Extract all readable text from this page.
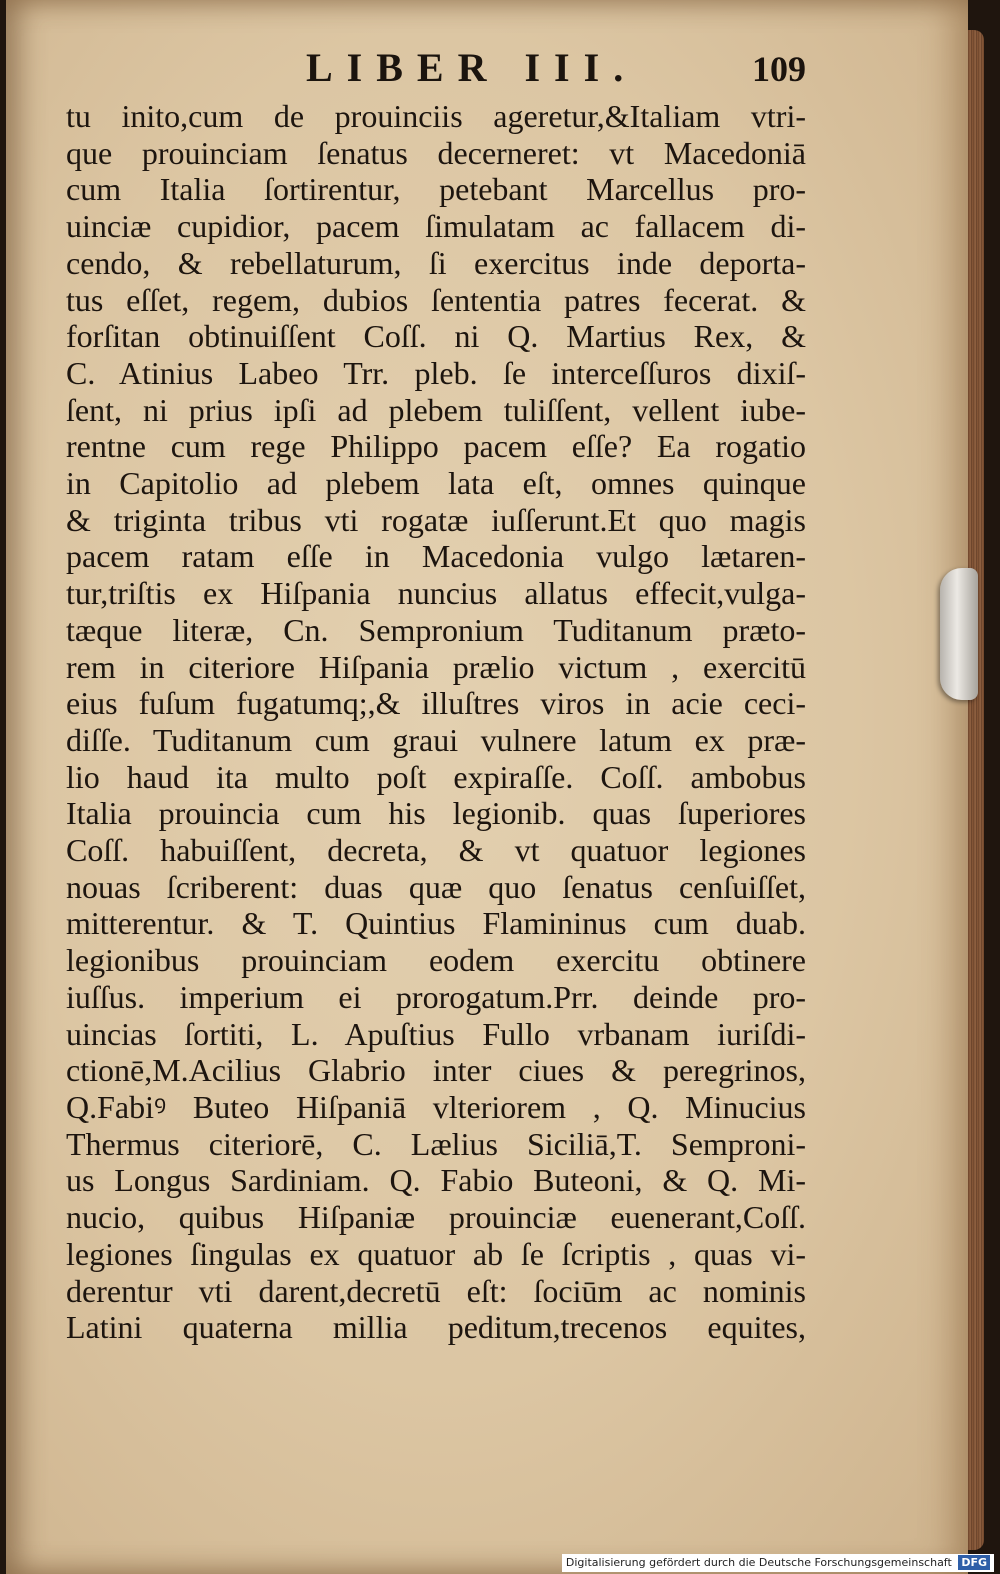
LIBER III.	109
tu inito,cum de prouinciis ageretur,&Italiam vtri-
que prouinciam ſenatus decerneret: vt Macedoniā
cum Italia ſortirentur, petebant Marcellus pro-
uinciæ cupidior, pacem ſimulatam ac fallacem di-
cendo, & rebellaturum, ſi exercitus inde deporta-
tus eſſet, regem, dubios ſententia patres fecerat. &
forſitan obtinuiſſent Coſſ. ni Q. Martius Rex, &
C. Atinius Labeo Trr. pleb. ſe interceſſuros dixiſ-
ſent, ni prius ipſi ad plebem tuliſſent, vellent iube-
rentne cum rege Philippo pacem eſſe? Ea rogatio
in Capitolio ad plebem lata eſt, omnes quinque
& triginta tribus vti rogatæ iuſſerunt.Et quo magis
pacem ratam eſſe in Macedonia vulgo lætaren-
tur,triſtis ex Hiſpania nuncius allatus effecit,vulga-
tæque literæ, Cn. Sempronium Tuditanum præto-
rem in citeriore Hiſpania prælio victum , exercitū
eius fuſum fugatumq;,& illuſtres viros in acie ceci-
diſſe. Tuditanum cum graui vulnere latum ex præ-
lio haud ita multo poſt expiraſſe. Coſſ. ambobus
Italia prouincia cum his legionib. quas ſuperiores
Coſſ. habuiſſent, decreta, & vt quatuor legiones
nouas ſcriberent: duas quæ quo ſenatus cenſuiſſet,
mitterentur. & T. Quintius Flamininus cum duab.
legionibus prouinciam eodem exercitu obtinere
iuſſus. imperium ei prorogatum.Prr. deinde pro-
uincias ſortiti, L. Apuſtius Fullo vrbanam iuriſdi-
ctionē,M.Acilius Glabrio inter ciues & peregrinos,
Q.Fabiꝰ Buteo Hiſpaniā vlteriorem , Q. Minucius
Thermus citeriorē, C. Lælius Siciliā,T. Semproni-
us Longus Sardiniam. Q. Fabio Buteoni, & Q. Mi-
nucio, quibus Hiſpaniæ prouinciæ euenerant,Coſſ.
legiones ſingulas ex quatuor ab ſe ſcriptis , quas vi-
derentur vti darent,decretū eſt: ſociūm ac nominis
Latini quaterna millia peditum,trecenos equites,
Digitalisierung gefördert durch die Deutsche Forschungsgemeinschaft DFG
